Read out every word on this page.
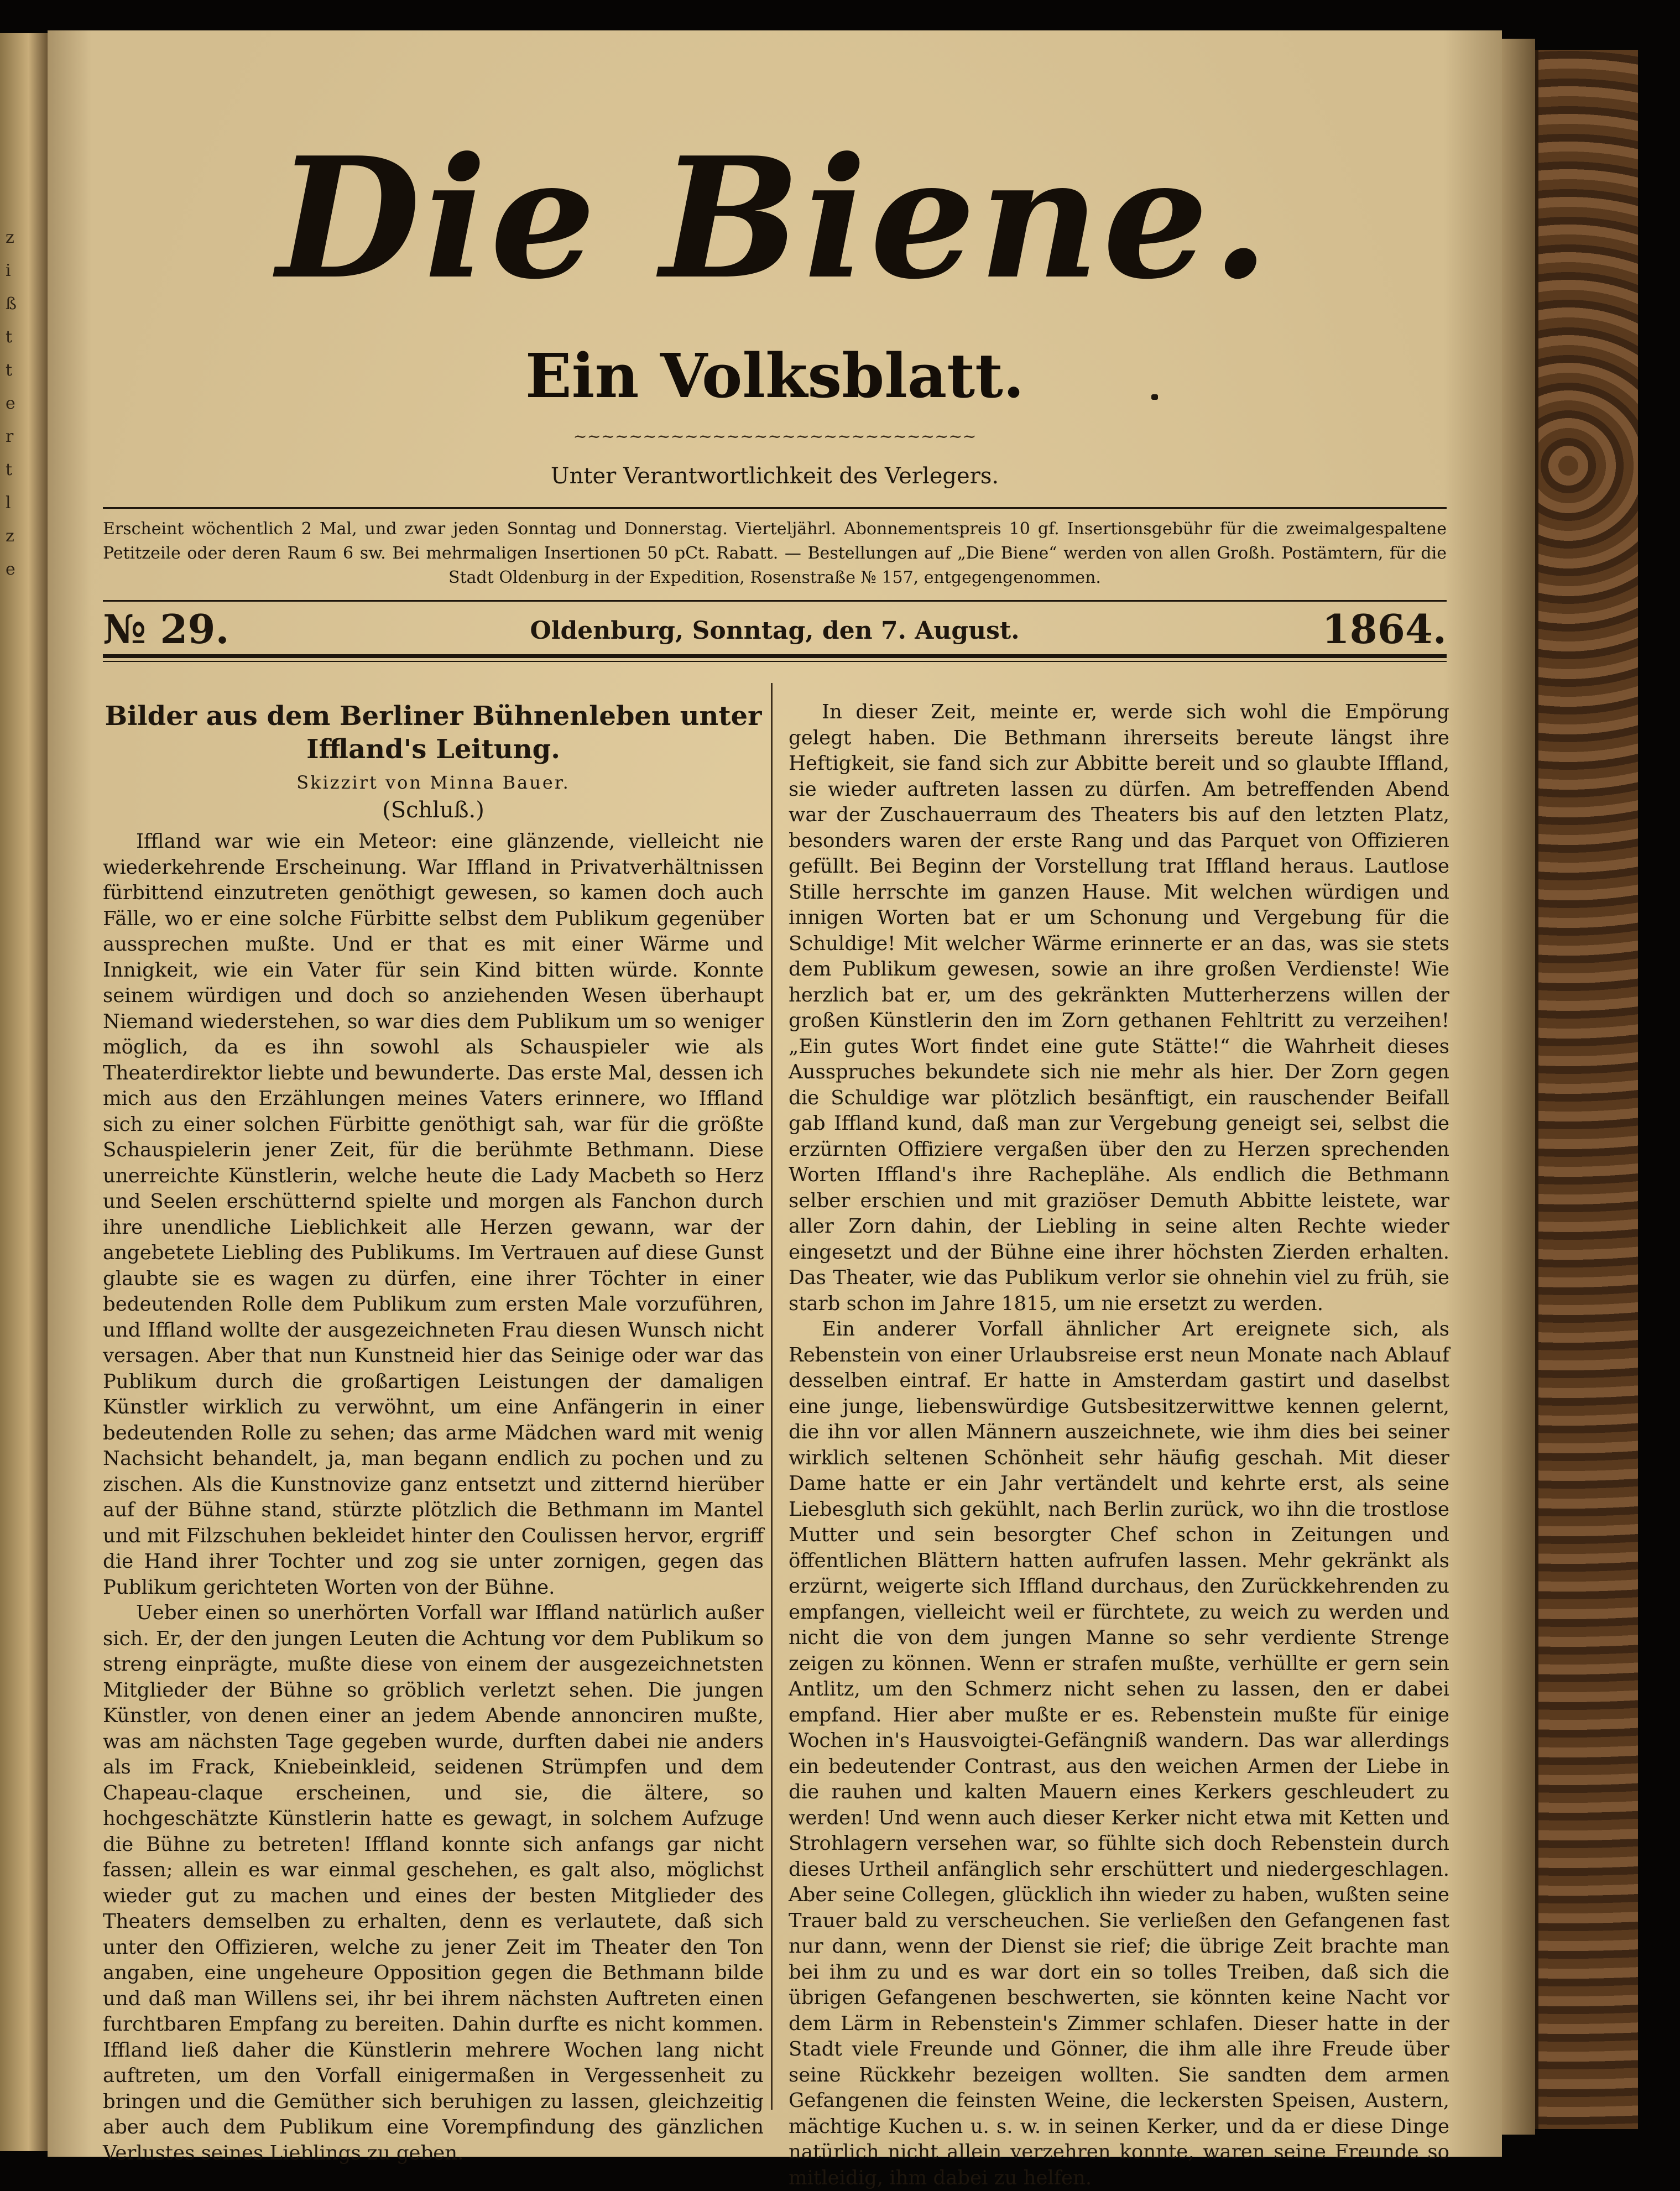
z
i
ß
t
t
e
r
t
l
z
e
Die Biene.
Ein Volksblatt.
~~~~~~~~~~~~~~~~~~~~~~~~~~~~~
Unter Verantwortlichkeit des Verlegers.
Erscheint wöchentlich 2 Mal, und zwar jeden Sonntag und Donnerstag. Vierteljährl. Abonnementspreis 10 gf. Insertionsgebühr für die zweimalgespaltene Petitzeile oder deren Raum 6 sw. Bei mehrmaligen Insertionen 50 pCt. Rabatt. — Bestellungen auf „Die Biene“ werden von allen Großh. Postämtern, für die Stadt Oldenburg in der Expedition, Rosenstraße № 157, entgegengenommen.
№ 29.	Oldenburg, Sonntag, den 7. August.	1864.
Bilder aus dem Berliner Bühnenleben unter Iffland's Leitung.
Skizzirt von Minna Bauer.
(Schluß.)

Iffland war wie ein Meteor: eine glänzende, vielleicht nie wiederkehrende Erscheinung. War Iffland in Privatverhältnissen fürbittend einzutreten genöthigt gewesen, so kamen doch auch Fälle, wo er eine solche Fürbitte selbst dem Publikum gegenüber aussprechen mußte. Und er that es mit einer Wärme und Innigkeit, wie ein Vater für sein Kind bitten würde. Konnte seinem würdigen und doch so anziehenden Wesen überhaupt Niemand wiederstehen, so war dies dem Publikum um so weniger möglich, da es ihn sowohl als Schauspieler wie als Theaterdirektor liebte und bewunderte. Das erste Mal, dessen ich mich aus den Erzählungen meines Vaters erinnere, wo Iffland sich zu einer solchen Fürbitte genöthigt sah, war für die größte Schauspielerin jener Zeit, für die berühmte Bethmann. Diese unerreichte Künstlerin, welche heute die Lady Macbeth so Herz und Seelen erschütternd spielte und morgen als Fanchon durch ihre unendliche Lieblichkeit alle Herzen gewann, war der angebetete Liebling des Publikums. Im Vertrauen auf diese Gunst glaubte sie es wagen zu dürfen, eine ihrer Töchter in einer bedeutenden Rolle dem Publikum zum ersten Male vorzuführen, und Iffland wollte der ausgezeichneten Frau diesen Wunsch nicht versagen. Aber that nun Kunstneid hier das Seinige oder war das Publikum durch die großartigen Leistungen der damaligen Künstler wirklich zu verwöhnt, um eine Anfängerin in einer bedeutenden Rolle zu sehen; das arme Mädchen ward mit wenig Nachsicht behandelt, ja, man begann endlich zu pochen und zu zischen. Als die Kunstnovize ganz entsetzt und zitternd hierüber auf der Bühne stand, stürzte plötzlich die Bethmann im Mantel und mit Filzschuhen bekleidet hinter den Coulissen hervor, ergriff die Hand ihrer Tochter und zog sie unter zornigen, gegen das Publikum gerichteten Worten von der Bühne.

Ueber einen so unerhörten Vorfall war Iffland natürlich außer sich. Er, der den jungen Leuten die Achtung vor dem Publikum so streng einprägte, mußte diese von einem der ausgezeichnetsten Mitglieder der Bühne so gröblich verletzt sehen. Die jungen Künstler, von denen einer an jedem Abende annonciren mußte, was am nächsten Tage gegeben wurde, durften dabei nie anders als im Frack, Kniebeinkleid, seidenen Strümpfen und dem Chapeau-claque erscheinen, und sie, die ältere, so hochgeschätzte Künstlerin hatte es gewagt, in solchem Aufzuge die Bühne zu betreten! Iffland konnte sich anfangs gar nicht fassen; allein es war einmal geschehen, es galt also, möglichst wieder gut zu machen und eines der besten Mitglieder des Theaters demselben zu erhalten, denn es verlautete, daß sich unter den Offizieren, welche zu jener Zeit im Theater den Ton angaben, eine ungeheure Opposition gegen die Bethmann bilde und daß man Willens sei, ihr bei ihrem nächsten Auftreten einen furchtbaren Empfang zu bereiten. Dahin durfte es nicht kommen. Iffland ließ daher die Künstlerin mehrere Wochen lang nicht auftreten, um den Vorfall einigermaßen in Vergessenheit zu bringen und die Gemüther sich beruhigen zu lassen, gleichzeitig aber auch dem Publikum eine Vorempfindung des gänzlichen Verlustes seines Lieblings zu geben.

In dieser Zeit, meinte er, werde sich wohl die Empörung gelegt haben. Die Bethmann ihrerseits bereute längst ihre Heftigkeit, sie fand sich zur Abbitte bereit und so glaubte Iffland, sie wieder auftreten lassen zu dürfen. Am betreffenden Abend war der Zuschauerraum des Theaters bis auf den letzten Platz, besonders waren der erste Rang und das Parquet von Offizieren gefüllt. Bei Beginn der Vorstellung trat Iffland heraus. Lautlose Stille herrschte im ganzen Hause. Mit welchen würdigen und innigen Worten bat er um Schonung und Vergebung für die Schuldige! Mit welcher Wärme erinnerte er an das, was sie stets dem Publikum gewesen, sowie an ihre großen Verdienste! Wie herzlich bat er, um des gekränkten Mutterherzens willen der großen Künstlerin den im Zorn gethanen Fehltritt zu verzeihen! „Ein gutes Wort findet eine gute Stätte!“ die Wahrheit dieses Ausspruches bekundete sich nie mehr als hier. Der Zorn gegen die Schuldige war plötzlich besänftigt, ein rauschender Beifall gab Iffland kund, daß man zur Vergebung geneigt sei, selbst die erzürnten Offiziere vergaßen über den zu Herzen sprechenden Worten Iffland's ihre Racheplähe. Als endlich die Bethmann selber erschien und mit graziöser Demuth Abbitte leistete, war aller Zorn dahin, der Liebling in seine alten Rechte wieder eingesetzt und der Bühne eine ihrer höchsten Zierden erhalten. Das Theater, wie das Publikum verlor sie ohnehin viel zu früh, sie starb schon im Jahre 1815, um nie ersetzt zu werden.

Ein anderer Vorfall ähnlicher Art ereignete sich, als Rebenstein von einer Urlaubsreise erst neun Monate nach Ablauf desselben eintraf. Er hatte in Amsterdam gastirt und daselbst eine junge, liebenswürdige Gutsbesitzerwittwe kennen gelernt, die ihn vor allen Männern auszeichnete, wie ihm dies bei seiner wirklich seltenen Schönheit sehr häufig geschah. Mit dieser Dame hatte er ein Jahr vertändelt und kehrte erst, als seine Liebesgluth sich gekühlt, nach Berlin zurück, wo ihn die trostlose Mutter und sein besorgter Chef schon in Zeitungen und öffentlichen Blättern hatten aufrufen lassen. Mehr gekränkt als erzürnt, weigerte sich Iffland durchaus, den Zurückkehrenden zu empfangen, vielleicht weil er fürchtete, zu weich zu werden und nicht die von dem jungen Manne so sehr verdiente Strenge zeigen zu können. Wenn er strafen mußte, verhüllte er gern sein Antlitz, um den Schmerz nicht sehen zu lassen, den er dabei empfand. Hier aber mußte er es. Rebenstein mußte für einige Wochen in's Hausvoigtei-Gefängniß wandern. Das war allerdings ein bedeutender Contrast, aus den weichen Armen der Liebe in die rauhen und kalten Mauern eines Kerkers geschleudert zu werden! Und wenn auch dieser Kerker nicht etwa mit Ketten und Strohlagern versehen war, so fühlte sich doch Rebenstein durch dieses Urtheil anfänglich sehr erschüttert und niedergeschlagen. Aber seine Collegen, glücklich ihn wieder zu haben, wußten seine Trauer bald zu verscheuchen. Sie verließen den Gefangenen fast nur dann, wenn der Dienst sie rief; die übrige Zeit brachte man bei ihm zu und es war dort ein so tolles Treiben, daß sich die übrigen Gefangenen beschwerten, sie könnten keine Nacht vor dem Lärm in Rebenstein's Zimmer schlafen. Dieser hatte in der Stadt viele Freunde und Gönner, die ihm alle ihre Freude über seine Rückkehr bezeigen wollten. Sie sandten dem armen Gefangenen die feinsten Weine, die leckersten Speisen, Austern, mächtige Kuchen u. s. w. in seinen Kerker, und da er diese Dinge natürlich nicht allein verzehren konnte, waren seine Freunde so mitleidig, ihm dabei zu helfen.
